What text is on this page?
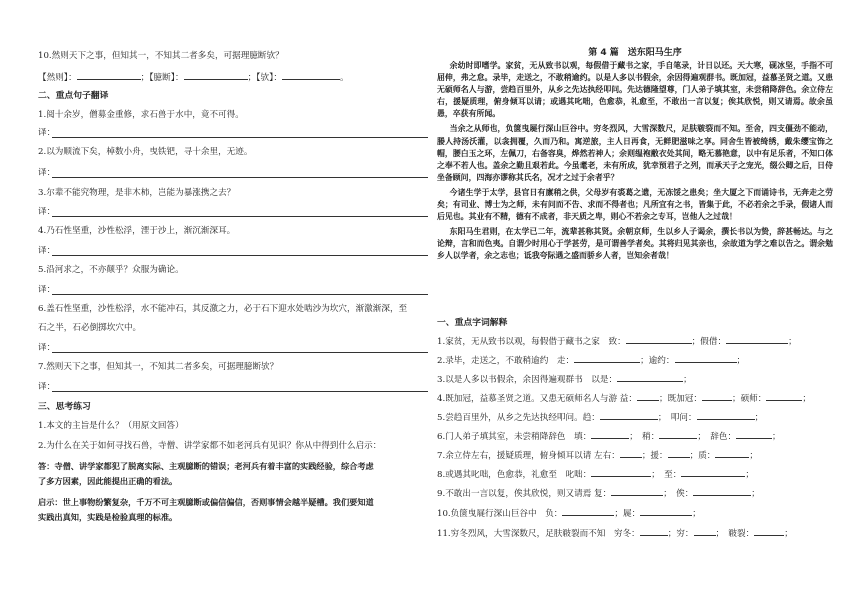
10.然则天下之事，但知其一，不知其二者多矣，可据理臆断欤？
【然则】：	；【臆断】：	；【欤】：	。
二、重点句子翻译
1.阅十余岁，僧募金重修，求石兽于水中，竟不可得。
译：
2.以为顺流下矣，棹数小舟，曳铁钯，寻十余里，无迹。
译：
3.尔辈不能究物理，是非木柿，岂能为暴涨携之去？
译：
4.乃石性坚重，沙性松浮，湮于沙上，渐沉渐深耳。
译：
5.沿河求之，不亦颠乎？众服为确论。
译：
6.盖石性坚重，沙性松浮，水不能冲石，其反激之力，必于石下迎水处啮沙为坎穴，渐激渐深，至
石之半，石必倒掷坎穴中。
译：
7.然则天下之事，但知其一，不知其二者多矣，可据理臆断欤？
译：
三、思考练习
1.本文的主旨是什么？（用原文回答）
2.为什么在关于如何寻找石兽，寺僧、讲学家都不如老河兵有见识？你从中得到什么启示：
答：寺僧、讲学家都犯了脱离实际、主观臆断的错误；老河兵有着丰富的实践经验，综合考虑
了多方因素，因此能提出正确的看法。
启示：世上事物纷繁复杂，千万不可主观臆断或偏信偏信，否则事情会越半疑槽。我们要知道
实践出真知，实践是检验真理的标准。
第 4 篇　送东阳马生序

余幼时即嗜学。家贫，无从致书以观，每假借于藏书之家，手自笔录，计日以还。天大寒，砚冰坚，手指不可屈伸，弗之怠。录毕，走送之，不敢稍逾约。以是人多以书假余，余因得遍观群书。既加冠，益慕圣贤之道。又患无硕师名人与游，尝趋百里外，从乡之先达执经叩问。先达德隆望尊，门人弟子填其室，未尝稍降辞色。余立侍左右，援疑质理，俯身倾耳以请；或遇其叱咄，色愈恭，礼愈至，不敢出一言以复；俟其欣悦，则又请焉。故余虽愚，卒获有所闻。

当余之从师也，负箧曳屣行深山巨谷中。穷冬烈风，大雪深数尺，足肤皲裂而不知。至舍，四支僵劲不能动，媵人持汤沃灌，以衾拥覆，久而乃和。寓逆旅，主人日再食，无鲜肥滋味之享。同舍生皆被绮绣，戴朱缨宝饰之帽，腰白玉之环，左佩刀，右备容臭，烨然若神人；余则缊袍敝衣处其间，略无慕艳意，以中有足乐者，不知口体之奉不若人也。盖余之勤且艰若此。今虽耄老，未有所成，犹幸预君子之列，而承天子之宠光，缀公卿之后，日侍坐备顾问，四海亦谬称其氏名，况才之过于余者乎？

今诸生学于太学，县官日有廪稍之供，父母岁有裘葛之遗，无冻馁之患矣；坐大厦之下而诵诗书，无奔走之劳矣；有司业、博士为之师，未有问而不告、求而不得者也；凡所宜有之书，皆集于此，不必若余之手录，假诸人而后见也。其业有不精，德有不成者，非天质之卑，则心不若余之专耳，岂他人之过哉！

东阳马生君则，在太学已二年，流辈甚称其贤。余朝京师，生以乡人子谒余，撰长书以为贽，辞甚畅达。与之论辩，言和而色夷。自谓少时用心于学甚劳，是可谓善学者矣。其将归见其亲也，余故道为学之难以告之。谓余勉乡人以学者，余之志也；诋我夸际遇之盛而骄乡人者，岂知余者哉！

一、重点字词解释
1.家贫，无从致书以观，每假借于藏书之家　致：	；假借：	；
2.录毕，走送之，不敢稍逾约　走：	；逾约：	；
3.以是人多以书假余，余因得遍观群书　以是：	；
4.既加冠，益慕圣贤之道。又患无硕师名人与游 益：	；既加冠：	；硕师：	；
5.尝趋百里外，从乡之先达执经叩问。趋：	；　叩问：	；
6.门人弟子填其室，未尝稍降辞色　填：	；　稍：	；　辞色：	；
7.余立侍左右，援疑质理，俯身倾耳以请 左右：	；援：	；质：	；
8.或遇其叱咄，色愈恭，礼愈至　叱咄：	；　至：	；
9.不敢出一言以复，俟其欣悦，则又请焉 复：	；　俟：	；
10.负箧曳屣行深山巨谷中　负：	；屣：	；
11.穷冬烈风，大雪深数尺，足肤皲裂而不知　穷冬：	；穷：	；　皲裂：	；
